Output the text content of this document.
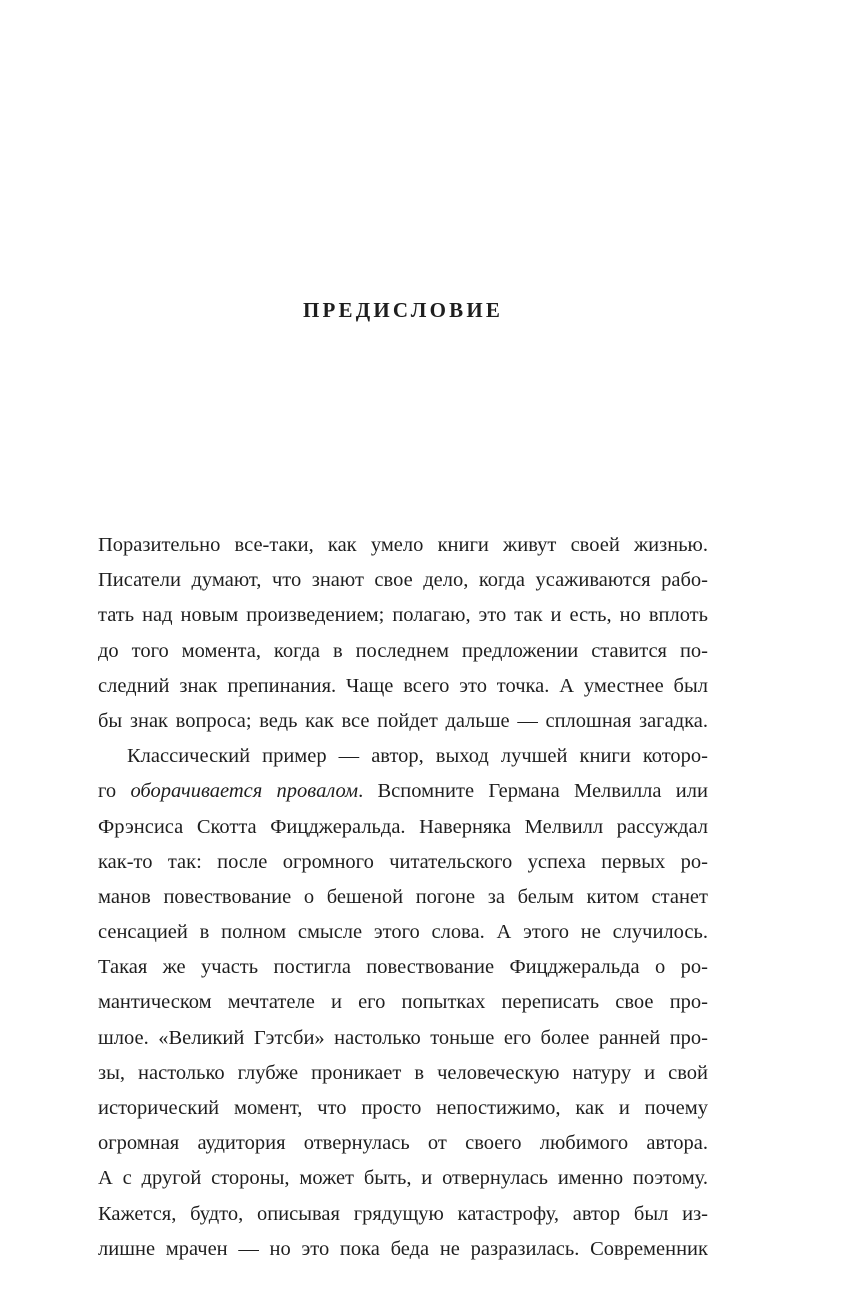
ПРЕДИСЛОВИЕ
Поразительно все-таки, как умело книги живут своей жизнью.
Писатели думают, что знают свое дело, когда усаживаются рабо-
тать над новым произведением; полагаю, это так и есть, но вплоть
до того момента, когда в последнем предложении ставится по-
следний знак препинания. Чаще всего это точка. А уместнее был
бы знак вопроса; ведь как все пойдет дальше — сплошная загадка.
Классический пример — автор, выход лучшей книги которо-
го оборачивается провалом. Вспомните Германа Мелвилла или
Фрэнсиса Скотта Фицджеральда. Наверняка Мелвилл рассуждал
как-то так: после огромного читательского успеха первых ро-
манов повествование о бешеной погоне за белым китом станет
сенсацией в полном смысле этого слова. А этого не случилось.
Такая же участь постигла повествование Фицджеральда о ро-
мантическом мечтателе и его попытках переписать свое про-
шлое. «Великий Гэтсби» настолько тоньше его более ранней про-
зы, настолько глубже проникает в человеческую натуру и свой
исторический момент, что просто непостижимо, как и почему
огромная аудитория отвернулась от своего любимого автора.
А с другой стороны, может быть, и отвернулась именно поэтому.
Кажется, будто, описывая грядущую катастрофу, автор был из-
лишне мрачен — но это пока беда не разразилась. Современник
